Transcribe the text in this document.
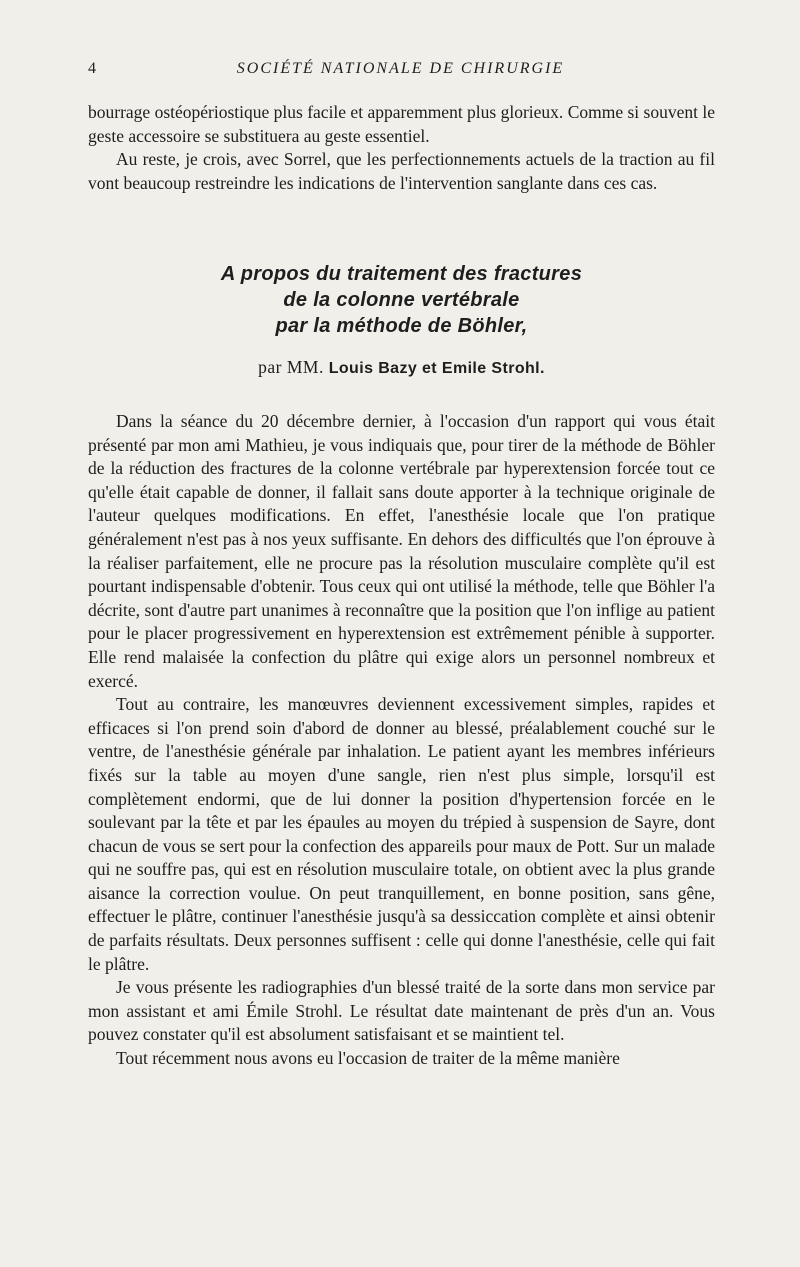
4	SOCIÉTÉ NATIONALE DE CHIRURGIE

bourrage ostéopériostique plus facile et apparemment plus glorieux. Comme si souvent le geste accessoire se substituera au geste essentiel.

Au reste, je crois, avec Sorrel, que les perfectionnements actuels de la traction au fil vont beaucoup restreindre les indications de l'intervention sanglante dans ces cas.

A propos du traitement des fractures
de la colonne vertébrale
par la méthode de Böhler,
par MM. Louis Bazy et Emile Strohl.

Dans la séance du 20 décembre dernier, à l'occasion d'un rapport qui vous était présenté par mon ami Mathieu, je vous indiquais que, pour tirer de la méthode de Böhler de la réduction des fractures de la colonne vertébrale par hyperextension forcée tout ce qu'elle était capable de donner, il fallait sans doute apporter à la technique originale de l'auteur quelques modifications. En effet, l'anesthésie locale que l'on pratique généralement n'est pas à nos yeux suffisante. En dehors des difficultés que l'on éprouve à la réaliser parfaitement, elle ne procure pas la résolution musculaire complète qu'il est pourtant indispensable d'obtenir. Tous ceux qui ont utilisé la méthode, telle que Böhler l'a décrite, sont d'autre part unanimes à reconnaître que la position que l'on inflige au patient pour le placer progressivement en hyperextension est extrêmement pénible à supporter. Elle rend malaisée la confection du plâtre qui exige alors un personnel nombreux et exercé.

Tout au contraire, les manœuvres deviennent excessivement simples, rapides et efficaces si l'on prend soin d'abord de donner au blessé, préalablement couché sur le ventre, de l'anesthésie générale par inhalation. Le patient ayant les membres inférieurs fixés sur la table au moyen d'une sangle, rien n'est plus simple, lorsqu'il est complètement endormi, que de lui donner la position d'hypertension forcée en le soulevant par la tête et par les épaules au moyen du trépied à suspension de Sayre, dont chacun de vous se sert pour la confection des appareils pour maux de Pott. Sur un malade qui ne souffre pas, qui est en résolution musculaire totale, on obtient avec la plus grande aisance la correction voulue. On peut tranquillement, en bonne position, sans gêne, effectuer le plâtre, continuer l'anesthésie jusqu'à sa dessiccation complète et ainsi obtenir de parfaits résultats. Deux personnes suffisent : celle qui donne l'anesthésie, celle qui fait le plâtre.

Je vous présente les radiographies d'un blessé traité de la sorte dans mon service par mon assistant et ami Émile Strohl. Le résultat date maintenant de près d'un an. Vous pouvez constater qu'il est absolument satisfaisant et se maintient tel.

Tout récemment nous avons eu l'occasion de traiter de la même manière
